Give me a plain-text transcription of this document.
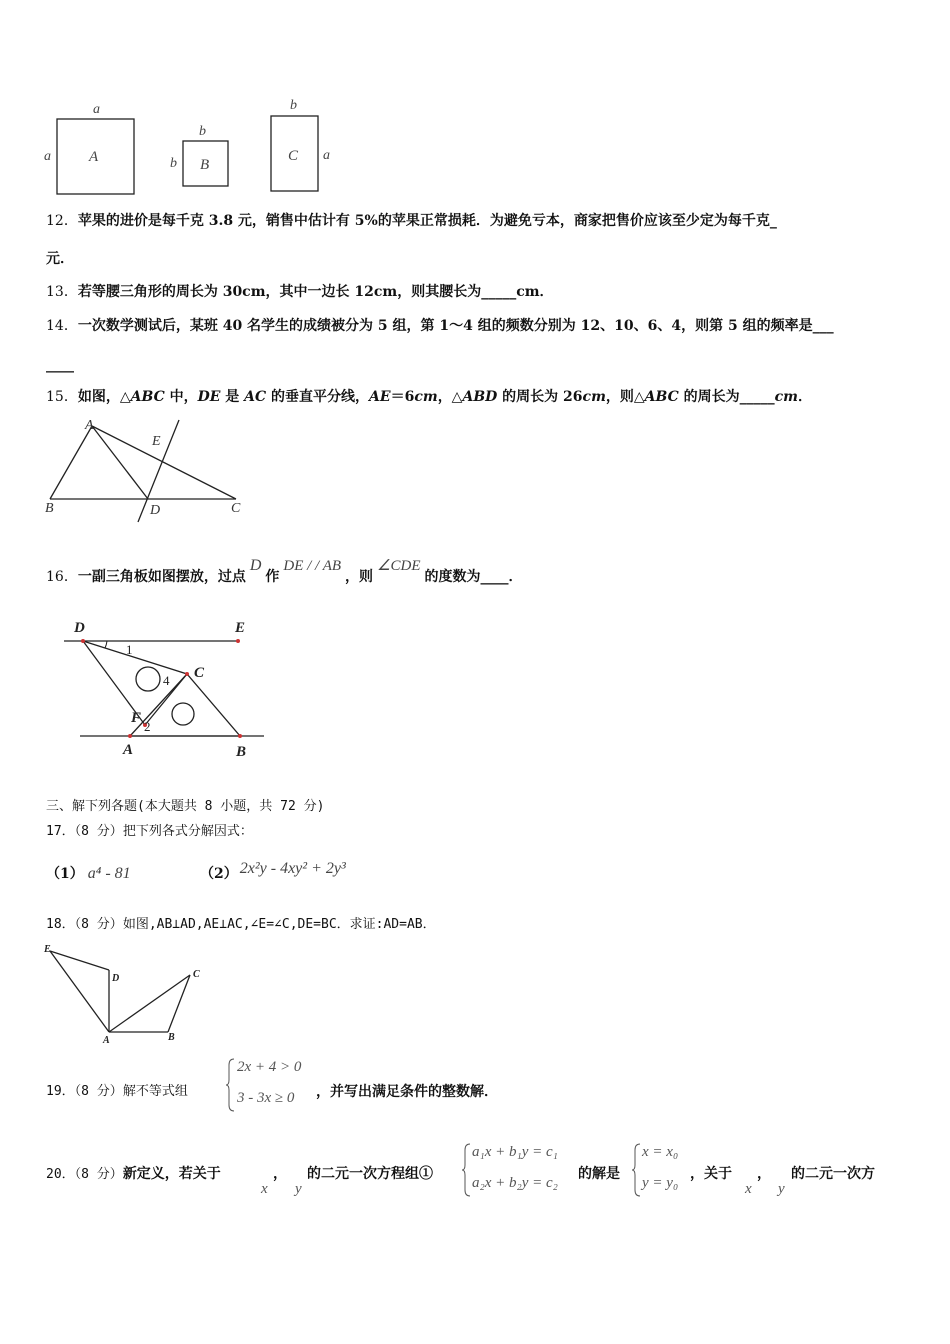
a
a	A
b
b B
b
a
C
12．苹果的进价是每千克 3.8 元，销售中估计有 5%的苹果正常损耗．为避免亏本，商家把售价应该至少定为每千克_
元．
13．若等腰三角形的周长为 30cm，其中一边长 12cm，则其腰长为_____cm．
14．一次数学测试后，某班 40 名学生的成绩被分为 5 组，第 1～4 组的频数分别为 12、10、6、4，则第 5 组的频率是___
____
15．如图，△ABC 中，DE 是 AC 的垂直平分线，AE＝6cm，△ABD 的周长为 26cm，则△ABC 的周长为_____cm．
A
E
B	D	C
16．一副三角板如图摆放，过点D作DE / / AB，则∠CDE的度数为____．
D	E
1
C
4
F
2
A	B
三、解下列各题(本大题共 8 小题，共 72 分)
17．（8 分）把下列各式分解因式：
（1） a⁴ - 81	（2） 2x²y - 4xy² + 2y³
18．（8 分）如图,AB⊥AD,AE⊥AC,∠E=∠C,DE=BC．求证:AD=AB．
E
D	C
A	B
19．（8 分）解不等式组
2x + 4 > 0
3 - 3x ≥ 0 ，并写出满足条件的整数解．
20．（8 分）新定义，若关于
x
，
y
的二元一次方程组①
a₁x + b₁y = c₁
a₂x + b₂y = c₂
的解是
x = x₀
y = y₀
，关于
x
，
y
的二元一次方
